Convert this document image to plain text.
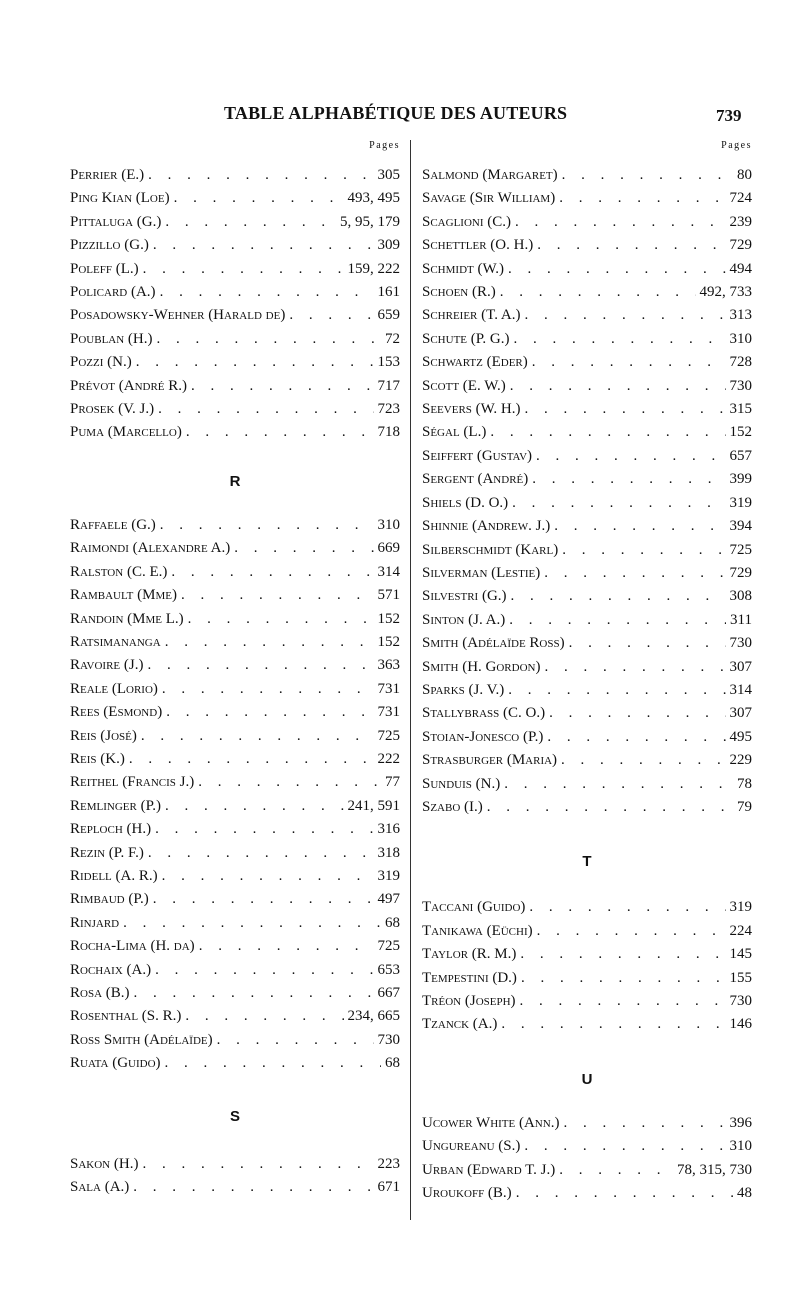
TABLE ALPHABÉTIQUE DES AUTEURS	739
Pages
Perrier (E.) . . .	305
Ping Kian (Loe) . . .	493, 495
Pittaluga (G.) . . .	5, 95, 179
Pizzillo (G.) . . .	309
Poleff (L.) . . .	159, 222
Policard (A.) . . .	161
Posadowsky-Wehner (Harald de) . . .	659
Poublan (H.) . . .	72
Pozzi (N.) . . .	153
Prévot (André R.) . . .	717
Prosek (V. J.) . . .	723
Puma (Marcello) . . .	718
R
Raffaele (G.) . . .	310
Raimondi (Alexandre A.) . . .	669
Ralston (C. E.) . . .	314
Rambault (Mme) . . .	571
Randoin (Mme L.) . . .	152
Ratsimananga . . .	152
Ravoire (J.) . . .	363
Reale (Lorio) . . .	731
Rees (Esmond) . . .	731
Reis (José) . . .	725
Reis (K.) . . .	222
Reithel (Francis J.) . . .	77
Remlinger (P.) . . .	241, 591
Reploch (H.) . . .	316
Rezin (P. F.) . . .	318
Ridell (A. R.) . . .	319
Rimbaud (P.) . . .	497
Rinjard . . .	68
Rocha-Lima (H. da) . . .	725
Rochaix (A.) . . .	653
Rosa (B.) . . .	667
Rosenthal (S. R.) . . .	234, 665
Ross Smith (Adélaïde) . . .	730
Ruata (Guido) . . .	68
S
Sakon (H.) . . .	223
Sala (A.) . . .	671
Pages
Salmond (Margaret) . . .	80
Savage (Sir William) . . .	724
Scaglioni (C.) . . .	239
Schettler (O. H.) . . .	729
Schmidt (W.) . . .	494
Schoen (R.) . . .	492, 733
Schreier (T. A.) . . .	313
Schute (P. G.) . . .	310
Schwartz (Eder) . . .	728
Scott (E. W.) . . .	730
Seevers (W. H.) . . .	315
Ségal (L.) . . .	152
Seiffert (Gustav) . . .	657
Sergent (André) . . .	399
Shiels (D. O.) . . .	319
Shinnie (Andrew. J.) . . .	394
Silberschmidt (Karl) . . .	725
Silverman (Lestie) . . .	729
Silvestri (G.) . . .	308
Sinton (J. A.) . . .	311
Smith (Adélaïde Ross) . . .	730
Smith (H. Gordon) . . .	307
Sparks (J. V.) . . .	314
Stallybrass (C. O.) . . .	307
Stoian-Jonesco (P.) . . .	495
Strasburger (Maria) . . .	229
Sunduis (N.) . . .	78
Szabo (I.) . . .	79
T
Taccani (Guido) . . .	319
Tanikawa (Eüchi) . . .	224
Taylor (R. M.) . . .	145
Tempestini (D.) . . .	155
Tréon (Joseph) . . .	730
Tzanck (A.) . . .	146
U
Ucower White (Ann.) . . .	396
Ungureanu (S.) . . .	310
Urban (Edward T. J.) . . .	78, 315, 730
Uroukoff (B.) . . .	48
